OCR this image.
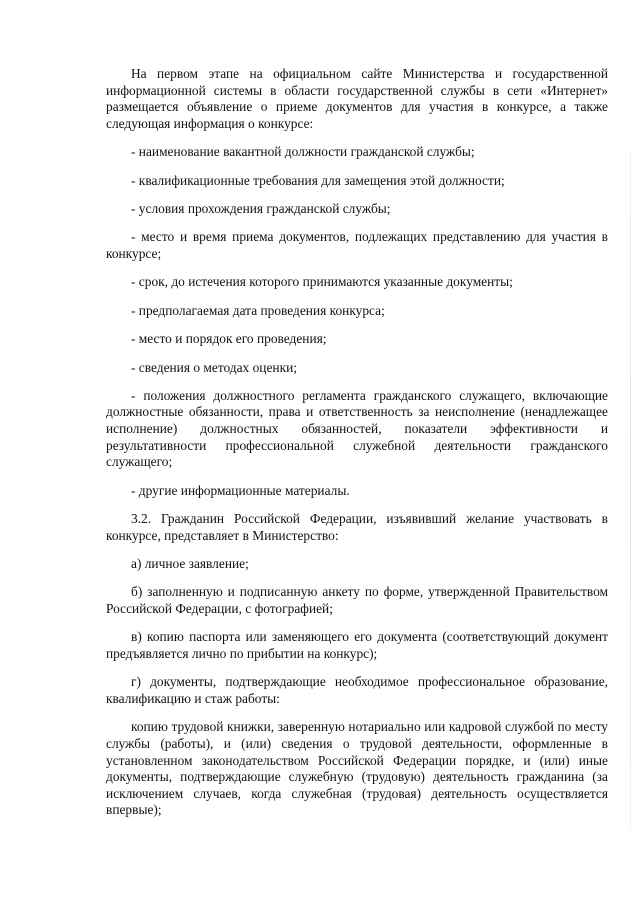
На первом этапе на официальном сайте Министерства и государственной информационной системы в области государственной службы в сети «Интернет» размещается объявление о приеме документов для участия в конкурсе, а также следующая информация о конкурсе:

- наименование вакантной должности гражданской службы;

- квалификационные требования для замещения этой должности;

- условия прохождения гражданской службы;

- место и время приема документов, подлежащих представлению для участия в конкурсе;

- срок, до истечения которого принимаются указанные документы;

- предполагаемая дата проведения конкурса;

- место и порядок его проведения;

- сведения о методах оценки;

- положения должностного регламента гражданского служащего, включающие должностные обязанности, права и ответственность за неисполнение (ненадлежащее исполнение) должностных обязанностей, показатели эффективности и результативности профессиональной служебной деятельности гражданского служащего;

- другие информационные материалы.

3.2. Гражданин Российской Федерации, изъявивший желание участвовать в конкурсе, представляет в Министерство:

а) личное заявление;

б) заполненную и подписанную анкету по форме, утвержденной Правительством Российской Федерации, с фотографией;

в) копию паспорта или заменяющего его документа (соответствующий документ предъявляется лично по прибытии на конкурс);

г) документы, подтверждающие необходимое профессиональное образование, квалификацию и стаж работы:

копию трудовой книжки, заверенную нотариально или кадровой службой по месту службы (работы), и (или) сведения о трудовой деятельности, оформленные в установленном законодательством Российской Федерации порядке, и (или) иные документы, подтверждающие служебную (трудовую) деятельность гражданина (за исключением случаев, когда служебная (трудовая) деятельность осуществляется впервые);
